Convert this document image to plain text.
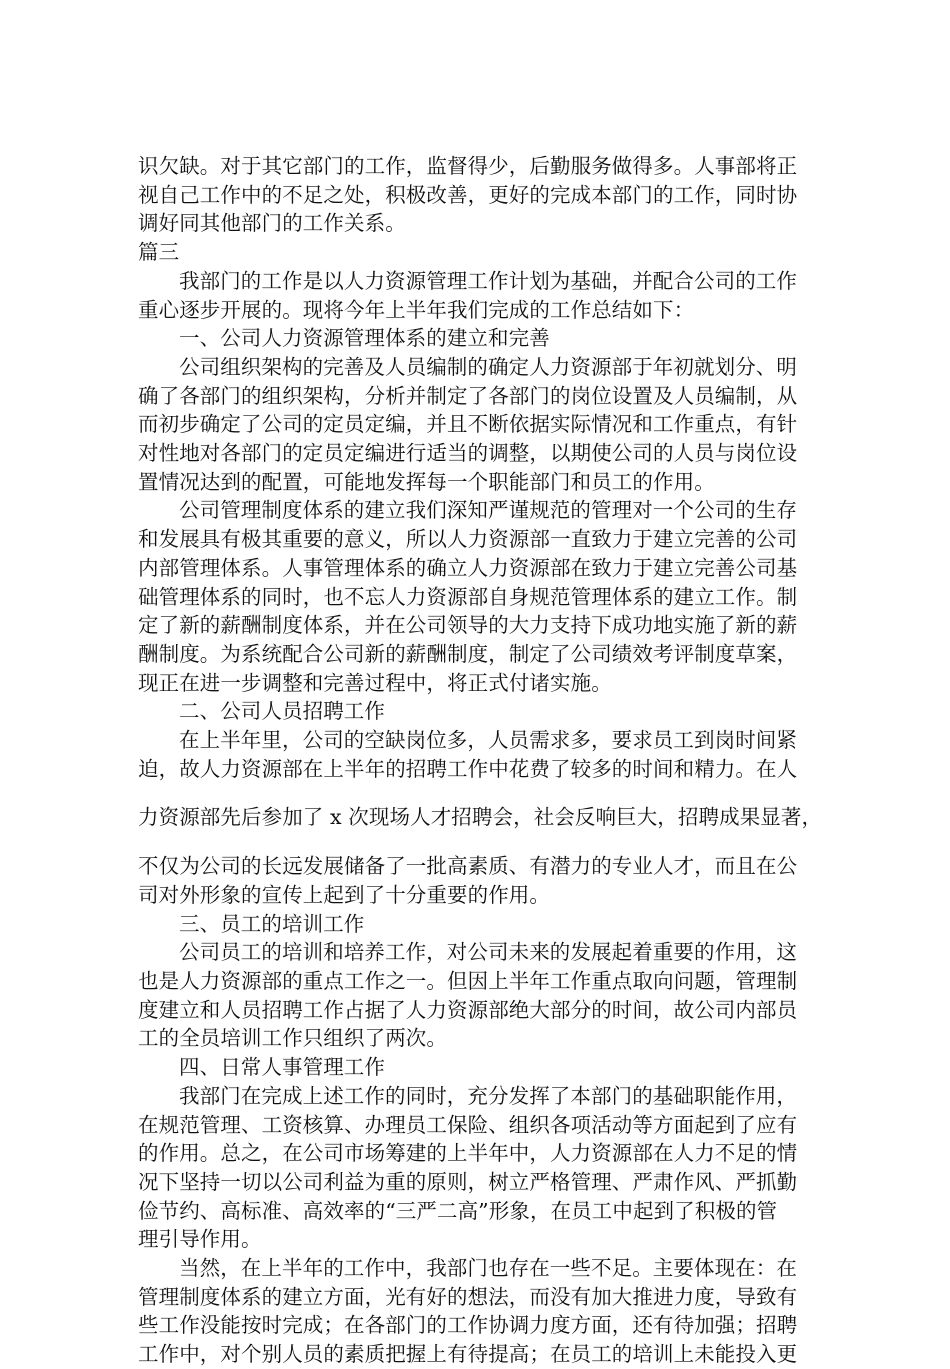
识欠缺。对于其它部门的工作，监督得少，后勤服务做得多。人事部将正
视自己工作中的不足之处，积极改善，更好的完成本部门的工作，同时协
调好同其他部门的工作关系。
篇三
我部门的工作是以人力资源管理工作计划为基础，并配合公司的工作
重心逐步开展的。现将今年上半年我们完成的工作总结如下：
一、公司人力资源管理体系的建立和完善
公司组织架构的完善及人员编制的确定人力资源部于年初就划分、明
确了各部门的组织架构，分析并制定了各部门的岗位设置及人员编制，从
而初步确定了公司的定员定编，并且不断依据实际情况和工作重点，有针
对性地对各部门的定员定编进行适当的调整，以期使公司的人员与岗位设
置情况达到的配置，可能地发挥每一个职能部门和员工的作用。
公司管理制度体系的建立我们深知严谨规范的管理对一个公司的生存
和发展具有极其重要的意义，所以人力资源部一直致力于建立完善的公司
内部管理体系。人事管理体系的确立人力资源部在致力于建立完善公司基
础管理体系的同时，也不忘人力资源部自身规范管理体系的建立工作。制
定了新的薪酬制度体系，并在公司领导的大力支持下成功地实施了新的薪
酬制度。为系统配合公司新的薪酬制度，制定了公司绩效考评制度草案，
现正在进一步调整和完善过程中，将正式付诸实施。
二、公司人员招聘工作
在上半年里，公司的空缺岗位多，人员需求多，要求员工到岗时间紧
迫，故人力资源部在上半年的招聘工作中花费了较多的时间和精力。在人
力资源部先后参加了 x 次现场人才招聘会，社会反响巨大，招聘成果显著，
不仅为公司的长远发展储备了一批高素质、有潜力的专业人才，而且在公
司对外形象的宣传上起到了十分重要的作用。
三、员工的培训工作
公司员工的培训和培养工作，对公司未来的发展起着重要的作用，这
也是人力资源部的重点工作之一。但因上半年工作重点取向问题，管理制
度建立和人员招聘工作占据了人力资源部绝大部分的时间，故公司内部员
工的全员培训工作只组织了两次。
四、日常人事管理工作
我部门在完成上述工作的同时，充分发挥了本部门的基础职能作用，
在规范管理、工资核算、办理员工保险、组织各项活动等方面起到了应有
的作用。总之，在公司市场筹建的上半年中，人力资源部在人力不足的情
况下坚持一切以公司利益为重的原则，树立严格管理、严肃作风、严抓勤
俭节约、高标准、高效率的“三严二高”形象，在员工中起到了积极的管
理引导作用。
当然，在上半年的工作中，我部门也存在一些不足。主要体现在：在
管理制度体系的建立方面，光有好的想法，而没有加大推进力度，导致有
些工作没能按时完成；在各部门的工作协调力度方面，还有待加强；招聘
工作中，对个别人员的素质把握上有待提高；在员工的培训上未能投入更
